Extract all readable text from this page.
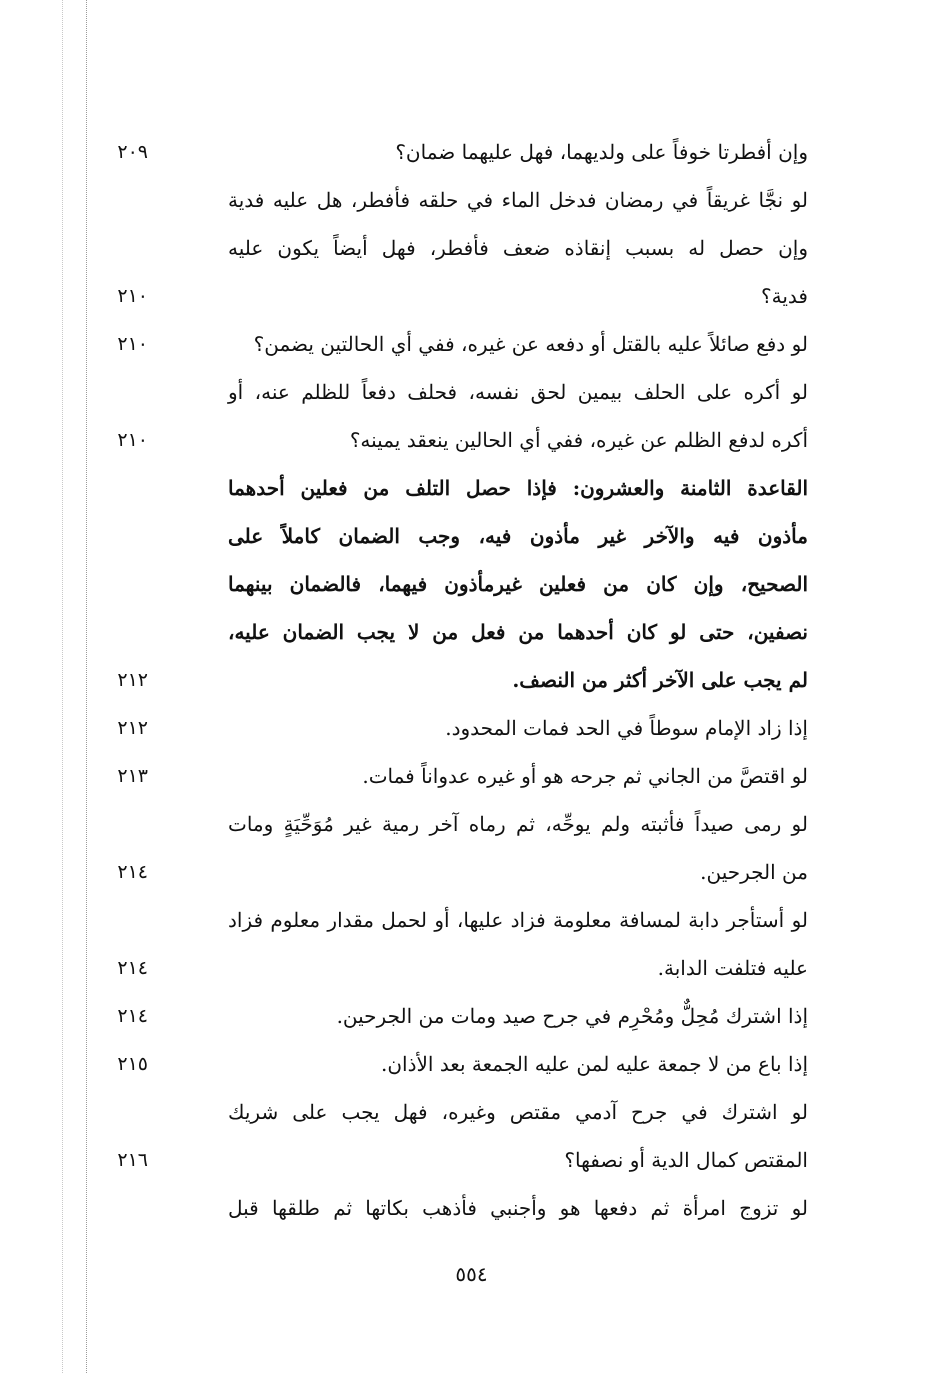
وإن أفطرتا خوفاً على ولديهما، فهل عليهما ضمان؟
٢٠٩
لو نجَّا غريقاً في رمضان فدخل الماء في حلقه فأفطر، هل عليه فدية
وإن حصل له بسبب إنقاذه ضعف فأفطر، فهل أيضاً يكون عليه
فدية؟
٢١٠
لو دفع صائلاً عليه بالقتل أو دفعه عن غيره، ففي أي الحالتين يضمن؟
٢١٠
لو أكره على الحلف بيمين لحق نفسه، فحلف دفعاً للظلم عنه، أو
أكره لدفع الظلم عن غيره، ففي أي الحالين ينعقد يمينه؟
٢١٠
القاعدة الثامنة والعشرون: فإذا حصل التلف من فعلين أحدهما
مأذون فيه والآخر غير مأذون فيه، وجب الضمان كاملاً على
الصحيح، وإن كان من فعلين غيرمأذون فيهما، فالضمان بينهما
نصفين، حتى لو كان أحدهما من فعل من لا يجب الضمان عليه،
لم يجب على الآخر أكثر من النصف.
٢١٢
إذا زاد الإمام سوطاً في الحد فمات المحدود.
٢١٢
لو اقتصَّ من الجاني ثم جرحه هو أو غيره عدواناً فمات.
٢١٣
لو رمى صيداً فأثبته ولم يوحِّه، ثم رماه آخر رمية غير مُوَحِّيَةٍ ومات
من الجرحين.
٢١٤
لو أستأجر دابة لمسافة معلومة فزاد عليها، أو لحمل مقدار معلوم فزاد
عليه فتلفت الدابة.
٢١٤
إذا اشترك مُحِلٌّ ومُحْرِم في جرح صيد ومات من الجرحين.
٢١٤
إذا باع من لا جمعة عليه لمن عليه الجمعة بعد الأذان.
٢١٥
لو اشترك في جرح آدمي مقتص وغيره، فهل يجب على شريك
المقتص كمال الدية أو نصفها؟
٢١٦
لو تزوج امرأة ثم دفعها هو وأجنبي فأذهب بكاتها ثم طلقها قبل
٥٥٤
